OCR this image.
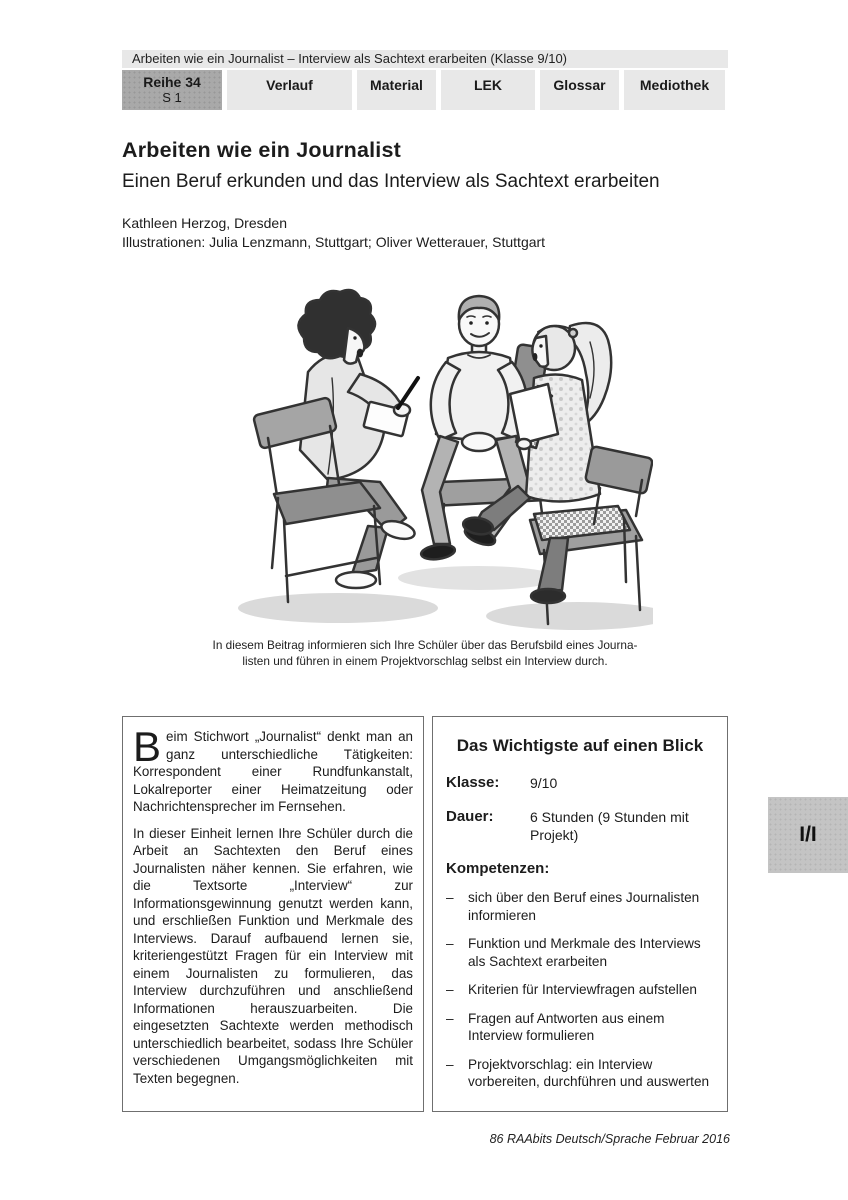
Arbeiten wie ein Journalist – Interview als Sachtext erarbeiten (Klasse 9/10)
Reihe 34
S 1
Verlauf	Material	LEK	Glossar	Mediothek
Arbeiten wie ein Journalist
Einen Beruf erkunden und das Interview als Sachtext erarbeiten
Kathleen Herzog, Dresden
Illustrationen: Julia Lenzmann, Stuttgart; Oliver Wetterauer, Stuttgart
In diesem Beitrag informieren sich Ihre Schüler über das Berufsbild eines Journa-
listen und führen in einem Projektvorschlag selbst ein Interview durch.

Beim Stichwort „Journalist“ denkt man an ganz unterschiedliche Tätigkeiten: Korrespondent einer Rundfunkanstalt, Lokalreporter einer Heimatzeitung oder Nachrichtensprecher im Fernsehen.

In dieser Einheit lernen Ihre Schüler durch die Arbeit an Sachtexten den Beruf eines Journalisten näher kennen. Sie erfahren, wie die Textsorte „Interview“ zur Informationsgewinnung genutzt werden kann, und erschließen Funktion und Merkmale des Interviews. Darauf aufbauend lernen sie, kriteriengestützt Fragen für ein Interview mit einem Journalisten zu formulieren, das Interview durchzuführen und anschließend Informationen herauszuarbeiten. Die eingesetzten Sachtexte werden methodisch unterschiedlich bearbeitet, sodass Ihre Schüler verschiedenen Umgangsmöglichkeiten mit Texten begegnen.

Das Wichtigste auf einen Blick
Klasse:	9/10
Dauer:	6 Stunden (9 Stunden mit Projekt)
Kompetenzen:
–	sich über den Beruf eines Journalisten informieren
–	Funktion und Merkmale des Interviews als Sachtext erarbeiten
–	Kriterien für Interviewfragen aufstellen
–	Fragen auf Antworten aus einem Interview formulieren
–	Projektvorschlag: ein Interview vorbereiten, durchführen und auswerten
I/I
86 RAAbits Deutsch/Sprache Februar 2016
